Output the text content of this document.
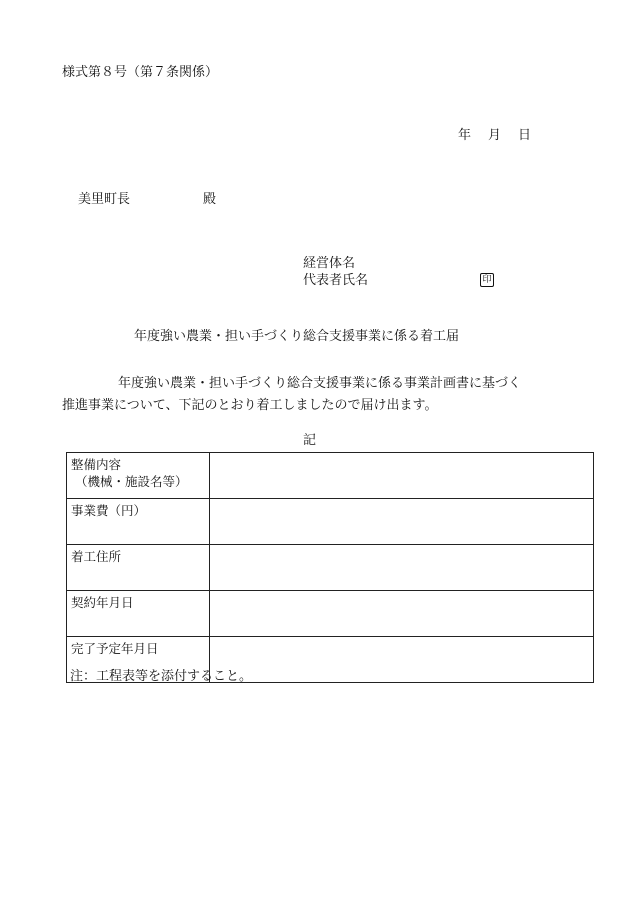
様式第８号（第７条関係）
年 月 日
美里町長	殿
経営体名
代表者氏名	印
年度強い農業・担い手づくり総合支援事業に係る着工届
年度強い農業・担い手づくり総合支援事業に係る事業計画書に基づく
推進事業について、下記のとおり着工しましたので届け出ます。
記
整備内容
（機械・施設名等）	

事業費（円）	
着工住所	
契約年月日	
完了予定年月日	
注：工程表等を添付すること。
